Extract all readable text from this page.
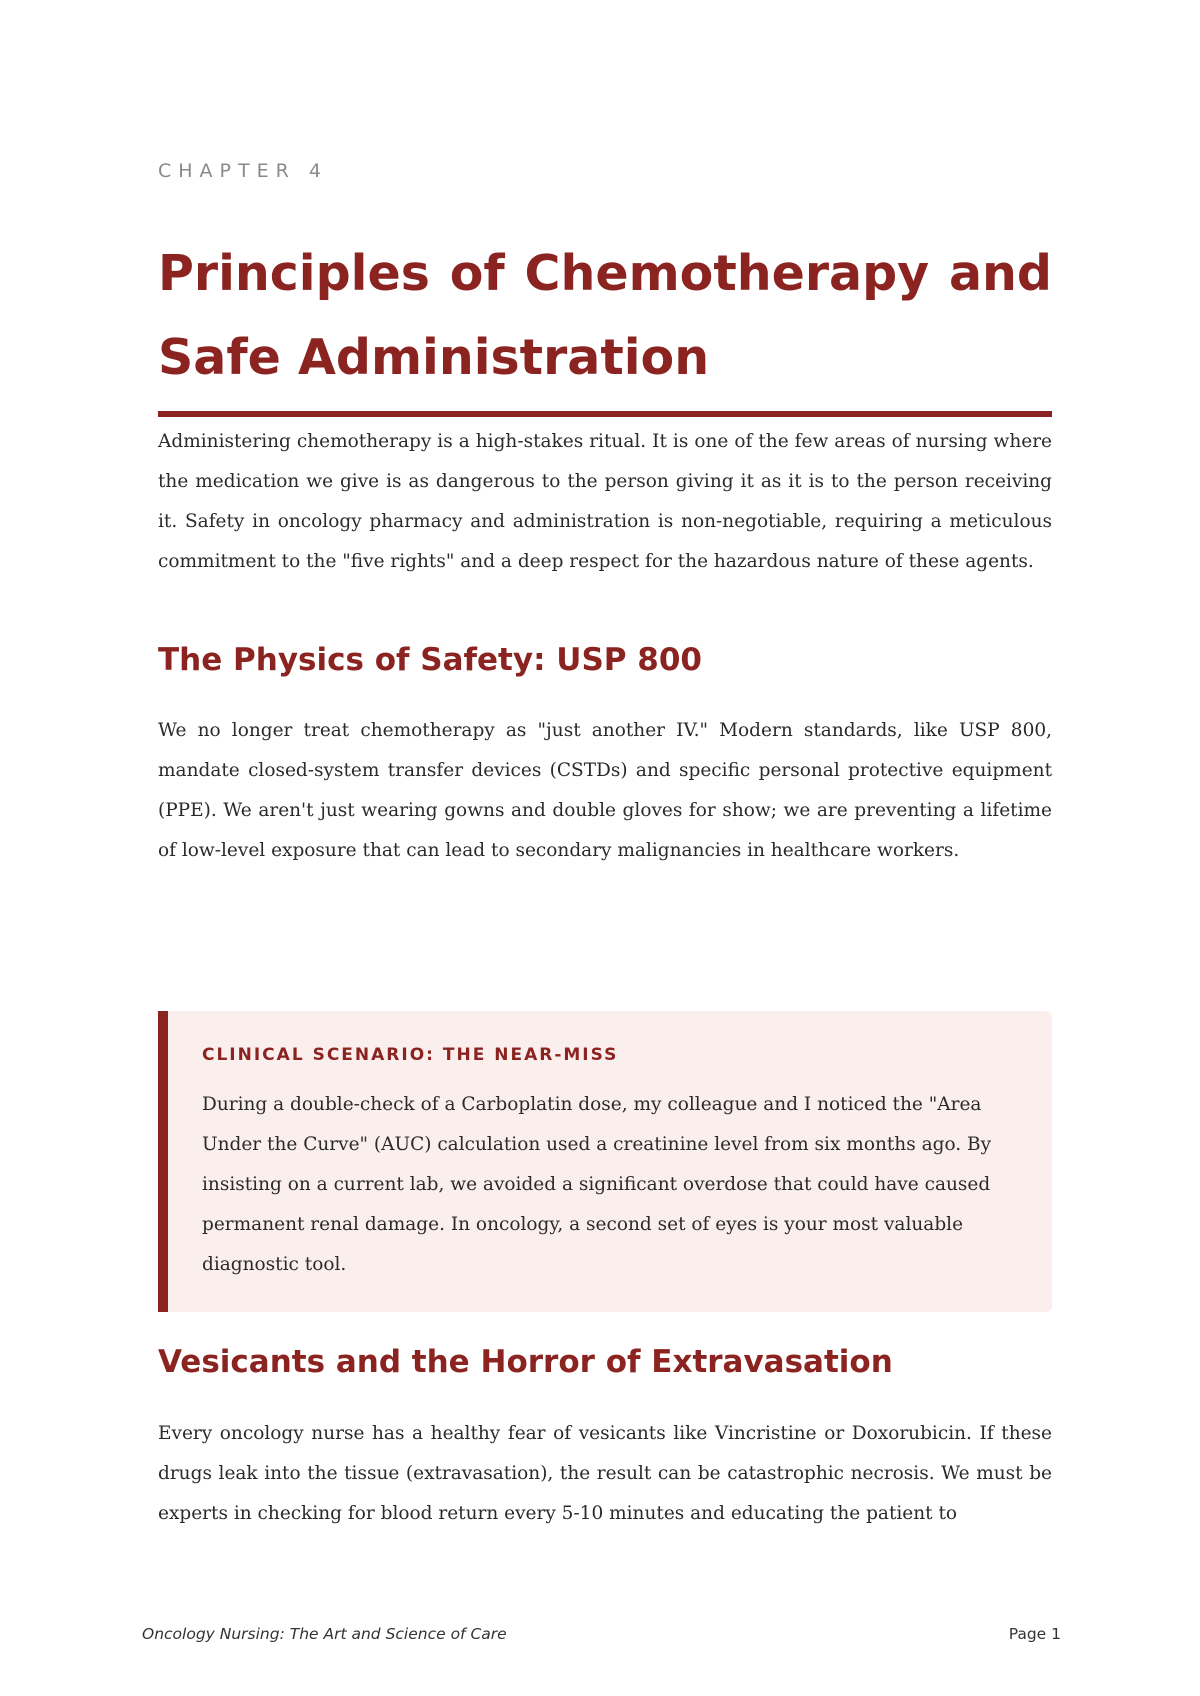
CHAPTER 4
Principles of Chemotherapy and Safe Administration

Administering chemotherapy is a high-stakes ritual. It is one of the few areas of nursing where the medication we give is as dangerous to the person giving it as it is to the person receiving it. Safety in oncology pharmacy and administration is non-negotiable, requiring a meticulous commitment to the "five rights" and a deep respect for the hazardous nature of these agents.

The Physics of Safety: USP 800

We no longer treat chemotherapy as "just another IV." Modern standards, like USP 800, mandate closed-system transfer devices (CSTDs) and specific personal protective equipment (PPE). We aren't just wearing gowns and double gloves for show; we are preventing a lifetime of low-level exposure that can lead to secondary malignancies in healthcare workers.

CLINICAL SCENARIO: THE NEAR-MISS

During a double-check of a Carboplatin dose, my colleague and I noticed the "Area Under the Curve" (AUC) calculation used a creatinine level from six months ago. By insisting on a current lab, we avoided a significant overdose that could have caused permanent renal damage. In oncology, a second set of eyes is your most valuable diagnostic tool.

Vesicants and the Horror of Extravasation

Every oncology nurse has a healthy fear of vesicants like Vincristine or Doxorubicin. If these drugs leak into the tissue (extravasation), the result can be catastrophic necrosis. We must be experts in checking for blood return every 5-10 minutes and educating the patient to

Oncology Nursing: The Art and Science of Care	Page 1
